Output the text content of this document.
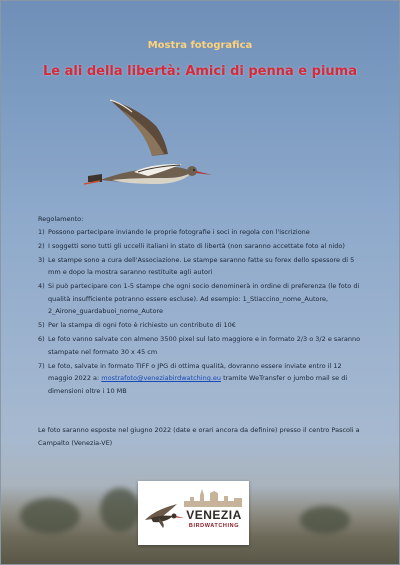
Mostra fotografica

Le ali della libertà: Amici di penna e piuma

Regolamento:

1) Possono partecipare inviando le proprie fotografie i soci in regola con l'iscrizione
2) I soggetti sono tutti gli uccelli italiani in stato di libertà (non saranno accettate foto al nido)
3) Le stampe sono a cura dell'Associazione. Le stampe saranno fatte su forex dello spessore di 5 mm e dopo la mostra saranno restituite agli autori
4) Si può partecipare con 1-5 stampe che ogni socio denominerà in ordine di preferenza (le foto di qualità insufficiente potranno essere escluse). Ad esempio: 1_Stiaccino_nome_Autore, 2_Airone_guardabuoi_nome_Autore
5) Per la stampa di ogni foto è richiesto un contributo di 10€
6) Le foto vanno salvate con almeno 3500 pixel sul lato maggiore e in formato 2/3 o 3/2 e saranno stampate nel formato 30 x 45 cm
7) Le foto, salvate in formato TIFF o JPG di ottima qualità, dovranno essere inviate entro il 12 maggio 2022 a: mostrafoto@veneziabirdwatching.eu tramite WeTransfer o jumbo mail se di dimensioni oltre i 10 MB

Le foto saranno esposte nel giugno 2022 (date e orari ancora da definire) presso il centro Pascoli a Campalto (Venezia-VE)

VENEZIA
BIRDWATCHING
